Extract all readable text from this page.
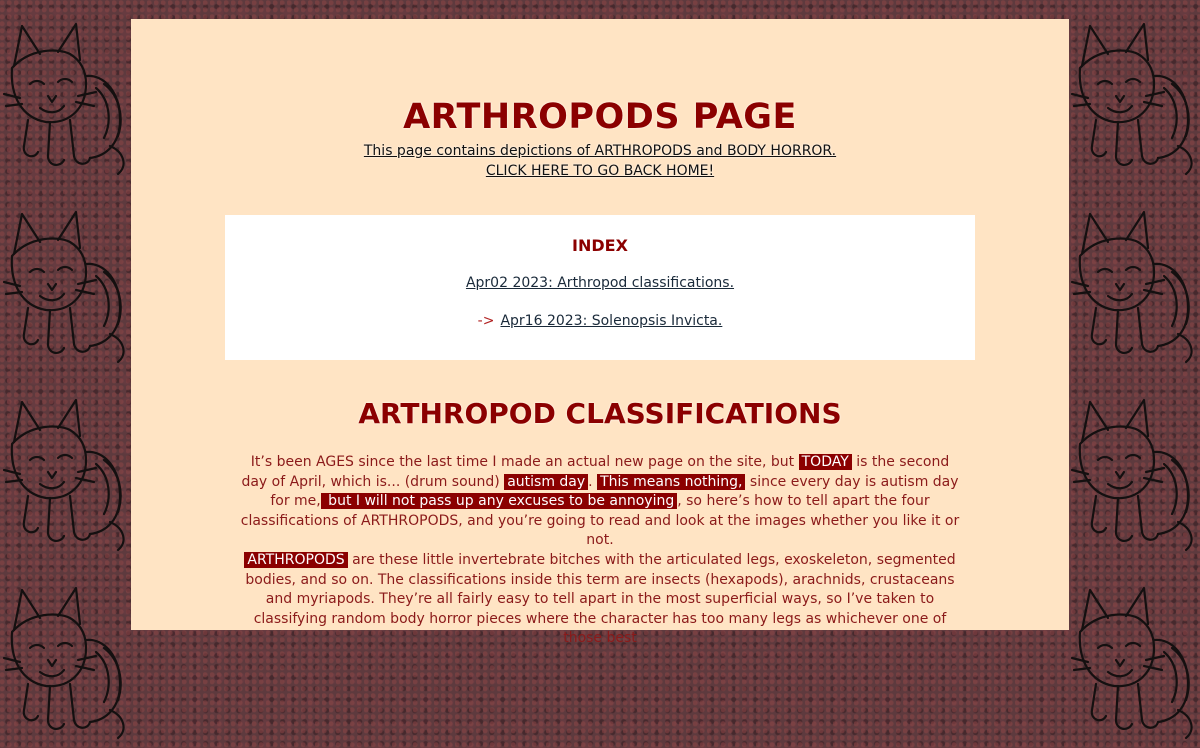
ARTHROPODS PAGE
This page contains depictions of ARTHROPODS and BODY HORROR.
CLICK HERE TO GO BACK HOME!
INDEX
Apr02 2023: Arthropod classifications.
-> Apr16 2023: Solenopsis Invicta.
ARTHROPOD CLASSIFICATIONS

It’s been AGES since the last time I made an actual new page on the site, but TODAY is the second day of April, which is... (drum sound) autism day . This means nothing, since every day is autism day for me, but I will not pass up any excuses to be annoying , so here’s how to tell apart the four classifications of ARTHROPODS, and you’re going to read and look at the images whether you like it or not.

ARTHROPODS are these little invertebrate bitches with the articulated legs, exoskeleton, segmented bodies, and so on. The classifications inside this term are insects (hexapods), arachnids, crustaceans and myriapods. They’re all fairly easy to tell apart in the most superficial ways, so I’ve taken to classifying random body horror pieces where the character has too many legs as whichever one of those best
